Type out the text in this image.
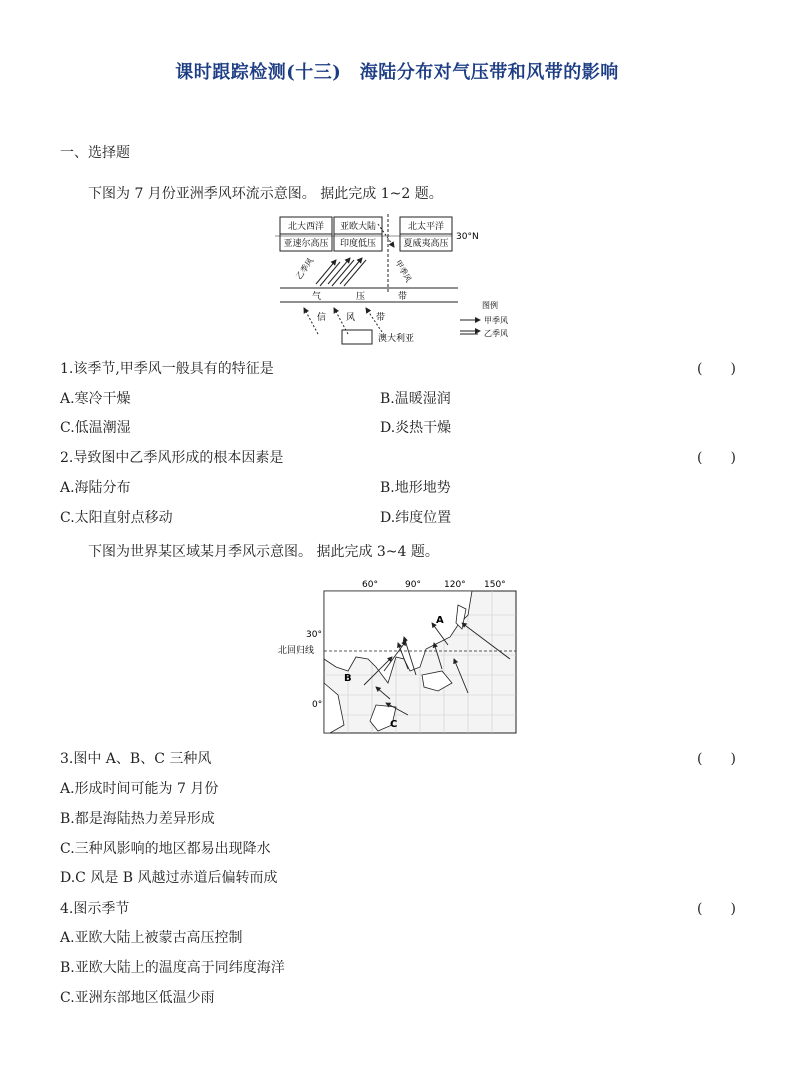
课时跟踪检测(十三)　海陆分布对气压带和风带的影响
一、选择题
下图为 7 月份亚洲季风环流示意图。 据此完成 1~2 题。
北大西洋
亚速尔高压
亚欧大陆
印度低压
北太平洋
夏威夷高压
30°N
甲季风
乙季风
气	压	带
信 风 带
澳大利亚
图例
甲季风
乙季风
1.该季节,甲季风一般具有的特征是	(　　)
A.寒冷干燥	B.温暖湿润
C.低温潮湿	D.炎热干燥
2.导致图中乙季风形成的根本因素是	(　　)
A.海陆分布	B.地形地势
C.太阳直射点移动	D.纬度位置
下图为世界某区域某月季风示意图。 据此完成 3~4 题。
60°	90°	120° 150°
30°
北回归线
0°
A
B
C
3.图中 A、B、C 三种风	(　　)
A.形成时间可能为 7 月份
B.都是海陆热力差异形成
C.三种风影响的地区都易出现降水
D.C 风是 B 风越过赤道后偏转而成
4.图示季节	(　　)
A.亚欧大陆上被蒙古高压控制
B.亚欧大陆上的温度高于同纬度海洋
C.亚洲东部地区低温少雨
